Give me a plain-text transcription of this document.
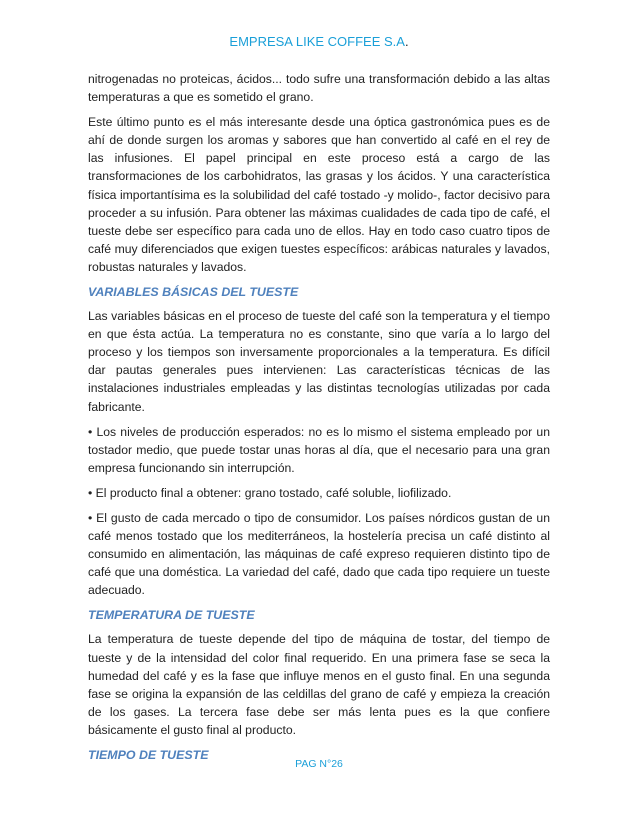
EMPRESA LIKE COFFEE S.A.

nitrogenadas no proteicas, ácidos... todo sufre una transformación debido a las altas temperaturas a que es sometido el grano.

Este último punto es el más interesante desde una óptica gastronómica pues es de ahí de donde surgen los aromas y sabores que han convertido al café en el rey de las infusiones. El papel principal en este proceso está a cargo de las transformaciones de los carbohidratos, las grasas y los ácidos. Y una característica física importantísima es la solubilidad del café tostado -y molido-, factor decisivo para proceder a su infusión. Para obtener las máximas cualidades de cada tipo de café, el tueste debe ser específico para cada uno de ellos. Hay en todo caso cuatro tipos de café muy diferenciados que exigen tuestes específicos: arábicas naturales y lavados, robustas naturales y lavados.

VARIABLES BÁSICAS DEL TUESTE

Las variables básicas en el proceso de tueste del café son la temperatura y el tiempo en que ésta actúa. La temperatura no es constante, sino que varía a lo largo del proceso y los tiempos son inversamente proporcionales a la temperatura. Es difícil dar pautas generales pues intervienen: Las características técnicas de las instalaciones industriales empleadas y las distintas tecnologías utilizadas por cada fabricante.

• Los niveles de producción esperados: no es lo mismo el sistema empleado por un tostador medio, que puede tostar unas horas al día, que el necesario para una gran empresa funcionando sin interrupción.

• El producto final a obtener: grano tostado, café soluble, liofilizado.

• El gusto de cada mercado o tipo de consumidor. Los países nórdicos gustan de un café menos tostado que los mediterráneos, la hostelería precisa un café distinto al consumido en alimentación, las máquinas de café expreso requieren distinto tipo de café que una doméstica. La variedad del café, dado que cada tipo requiere un tueste adecuado.

TEMPERATURA DE TUESTE

La temperatura de tueste depende del tipo de máquina de tostar, del tiempo de tueste y de la intensidad del color final requerido. En una primera fase se seca la humedad del café y es la fase que influye menos en el gusto final. En una segunda fase se origina la expansión de las celdillas del grano de café y empieza la creación de los gases. La tercera fase debe ser más lenta pues es la que confiere básicamente el gusto final al producto.

TIEMPO DE TUESTE
PAG N°26
